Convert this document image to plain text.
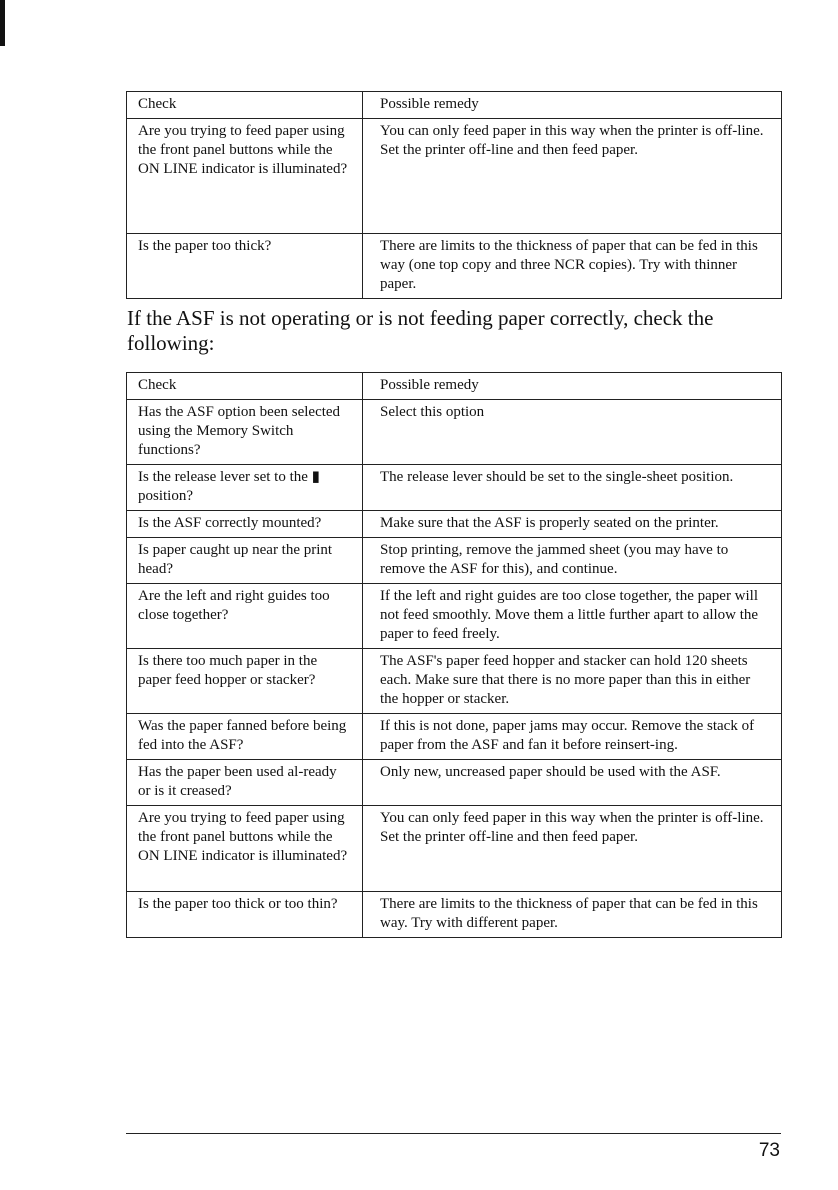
Check	Possible remedy
Are you trying to feed paper using the front panel buttons while the ON LINE indicator is illuminated?	You can only feed paper in this way when the printer is off-line. Set the printer off-line and then feed paper.
Is the paper too thick?	There are limits to the thickness of paper that can be fed in this way (one top copy and three NCR copies). Try with thinner paper.

If the ASF is not operating or is not feeding paper correctly, check the following:

Check	Possible remedy
Has the ASF option been selected using the Memory Switch functions?	Select this option
Is the release lever set to the ▮ position?	The release lever should be set to the single-sheet position.
Is the ASF correctly mounted?	Make sure that the ASF is properly seated on the printer.
Is paper caught up near the print head?	Stop printing, remove the jammed sheet (you may have to remove the ASF for this), and continue.
Are the left and right guides too close together?	If the left and right guides are too close together, the paper will not feed smoothly. Move them a little further apart to allow the paper to feed freely.
Is there too much paper in the paper feed hopper or stacker?	The ASF's paper feed hopper and stacker can hold 120 sheets each. Make sure that there is no more paper than this in either the hopper or stacker.
Was the paper fanned before being fed into the ASF?	If this is not done, paper jams may occur. Remove the stack of paper from the ASF and fan it before reinsert-ing.
Has the paper been used al-ready or is it creased?	Only new, uncreased paper should be used with the ASF.
Are you trying to feed paper using the front panel buttons while the ON LINE indicator is illuminated?	You can only feed paper in this way when the printer is off-line. Set the printer off-line and then feed paper.
Is the paper too thick or too thin?	There are limits to the thickness of paper that can be fed in this way. Try with different paper.
73
